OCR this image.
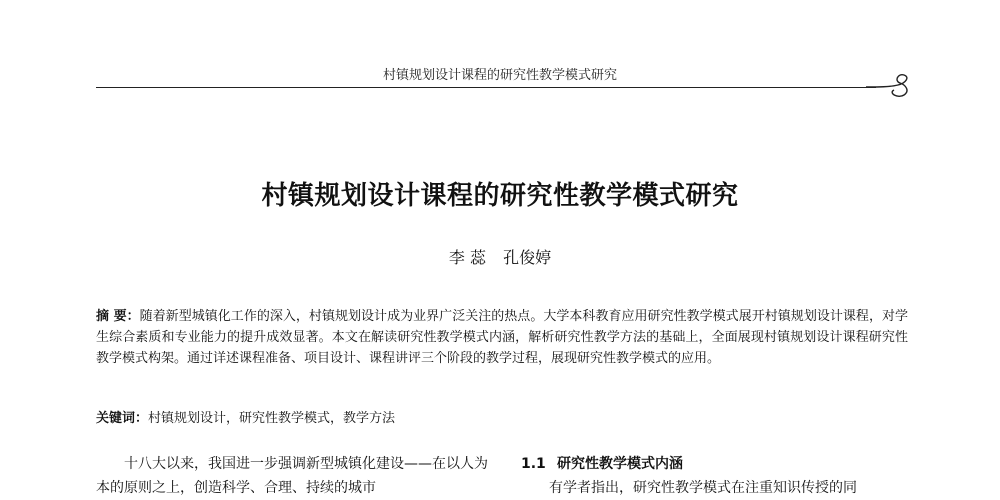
村镇规划设计课程的研究性教学模式研究
村镇规划设计课程的研究性教学模式研究
李 蕊 孔俊婷
摘 要：随着新型城镇化工作的深入，村镇规划设计成为业界广泛关注的热点。大学本科教育应用研究性教学模式展开村镇规划设计课程，对学生综合素质和专业能力的提升成效显著。本文在解读研究性教学模式内涵，解析研究性教学方法的基础上，全面展现村镇规划设计课程研究性教学模式构架。通过详述课程准备、项目设计、课程讲评三个阶段的教学过程，展现研究性教学模式的应用。
关键词：村镇规划设计，研究性教学模式，教学方法
十八大以来，我国进一步强调新型城镇化建设——在以人为本的原则之上，创造科学、合理、持续的城市
1.1 研究性教学模式内涵
有学者指出，研究性教学模式在注重知识传授的同
